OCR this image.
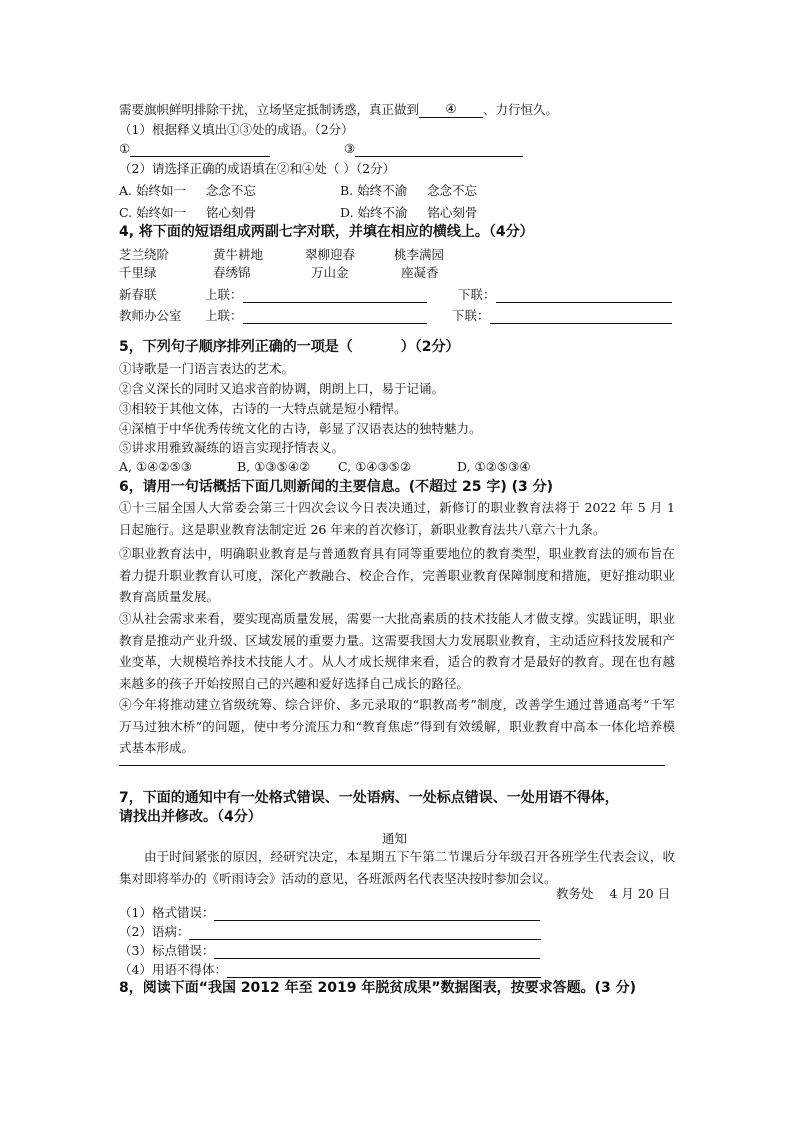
需要旗帜鲜明排除干扰，立场坚定抵制诱惑，真正做到 ④ 、力行恒久。
（1）根据释义填出①③处的成语。（2分）
①	③
（2）请选择正确的成语填在②和④处（ ）（2分）
A. 始终如一 念念不忘	B. 始终不渝 念念不忘
C. 始终如一 铭心刻骨	D. 始终不渝 铭心刻骨
4, 将下面的短语组成两副七字对联，并填在相应的横线上。（4分）
芝兰绕阶	黄牛耕地	翠柳迎春	桃李满园
千里绿	春绣锦	万山金	座凝香
新春联	上联：	下联：
教师办公室 上联：	下联：
5，下列句子顺序排列正确的一项是（	）（2分）
①诗歌是一门语言表达的艺术。
②含义深长的同时又追求音韵协调，朗朗上口，易于记诵。
③相较于其他文体，古诗的一大特点就是短小精悍。
④深植于中华优秀传统文化的古诗，彰显了汉语表达的独特魅力。
⑤讲求用雅致凝练的语言实现抒情表义。
A, ①④②⑤③	B, ①③⑤④② C, ①④③⑤②	D, ①②⑤③④
6，请用一句话概括下面几则新闻的主要信息。(不超过 25 字) (3 分)
①十三届全国人大常委会第三十四次会议今日表决通过，新修订的职业教育法将于 2022 年 5 月 1 日起施行。这是职业教育法制定近 26 年来的首次修订，新职业教育法共八章六十九条。
②职业教育法中，明确职业教育是与普通教育具有同等重要地位的教育类型，职业教育法的颁布旨在着力提升职业教育认可度，深化产教融合、校企合作，完善职业教育保障制度和措施，更好推动职业教育高质量发展。
③从社会需求来看，要实现高质量发展，需要一大批高素质的技术技能人才做支撑。实践证明，职业教育是推动产业升级、区域发展的重要力量。这需要我国大力发展职业教育，主动适应科技发展和产业变革，大规模培养技术技能人才。从人才成长规律来看，适合的教育才是最好的教育。现在也有越来越多的孩子开始按照自己的兴趣和爱好选择自己成长的路径。
④今年将推动建立省级统筹、综合评价、多元录取的“职教高考”制度，改善学生通过普通高考“千军万马过独木桥”的问题，使中考分流压力和“教育焦虑”得到有效缓解，职业教育中高本一体化培养模式基本形成。
7，下面的通知中有一处格式错误、一处语病、一处标点错误、一处用语不得体，
请找出并修改。（4分）
通知
由于时间紧张的原因，经研究决定，本星期五下午第二节课后分年级召开各班学生代表会议，收集对即将举办的《听雨诗会》活动的意见，各班派两名代表坚决按时参加会议。
教务处 4 月 20 日
（1）格式错误：
（2）语病：
（3）标点错误：
（4）用语不得体：
8，阅读下面“我国 2012 年至 2019 年脱贫成果”数据图表，按要求答题。(3 分)
